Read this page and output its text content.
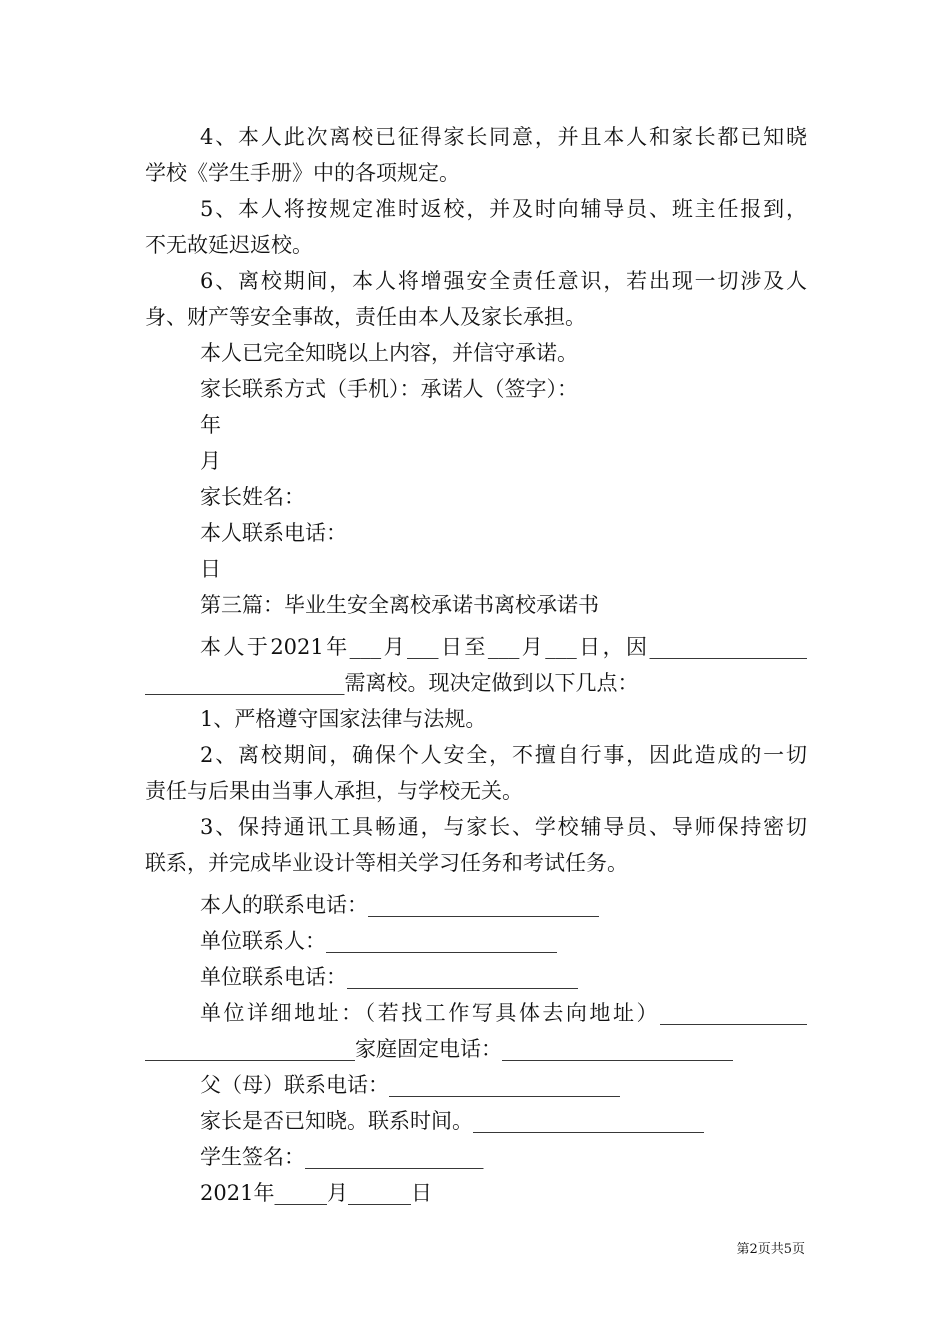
4、本人此次离校已征得家长同意，并且本人和家长都已知晓
学校《学生手册》中的各项规定。
5、本人将按规定准时返校，并及时向辅导员、班主任报到，
不无故延迟返校。
6、离校期间，本人将增强安全责任意识，若出现一切涉及人
身、财产等安全事故，责任由本人及家长承担。
本人已完全知晓以上内容，并信守承诺。
家长联系方式（手机）：承诺人（签字）：
年
月
家长姓名：
本人联系电话：
日
第三篇：毕业生安全离校承诺书离校承诺书
本人于2021年___月___日至___月___日，因_______________
___________________需离校。现决定做到以下几点：
1、严格遵守国家法律与法规。
2、离校期间，确保个人安全，不擅自行事，因此造成的一切
责任与后果由当事人承担，与学校无关。
3、保持通讯工具畅通，与家长、学校辅导员、导师保持密切
联系，并完成毕业设计等相关学习任务和考试任务。
本人的联系电话：______________________
单位联系人：______________________
单位联系电话：______________________
单位详细地址：（若找工作写具体去向地址）______________
____________________家庭固定电话：______________________
父（母）联系电话：______________________
家长是否已知晓。联系时间。______________________
学生签名：_________________
2021年_____月______日
第2页共5页
